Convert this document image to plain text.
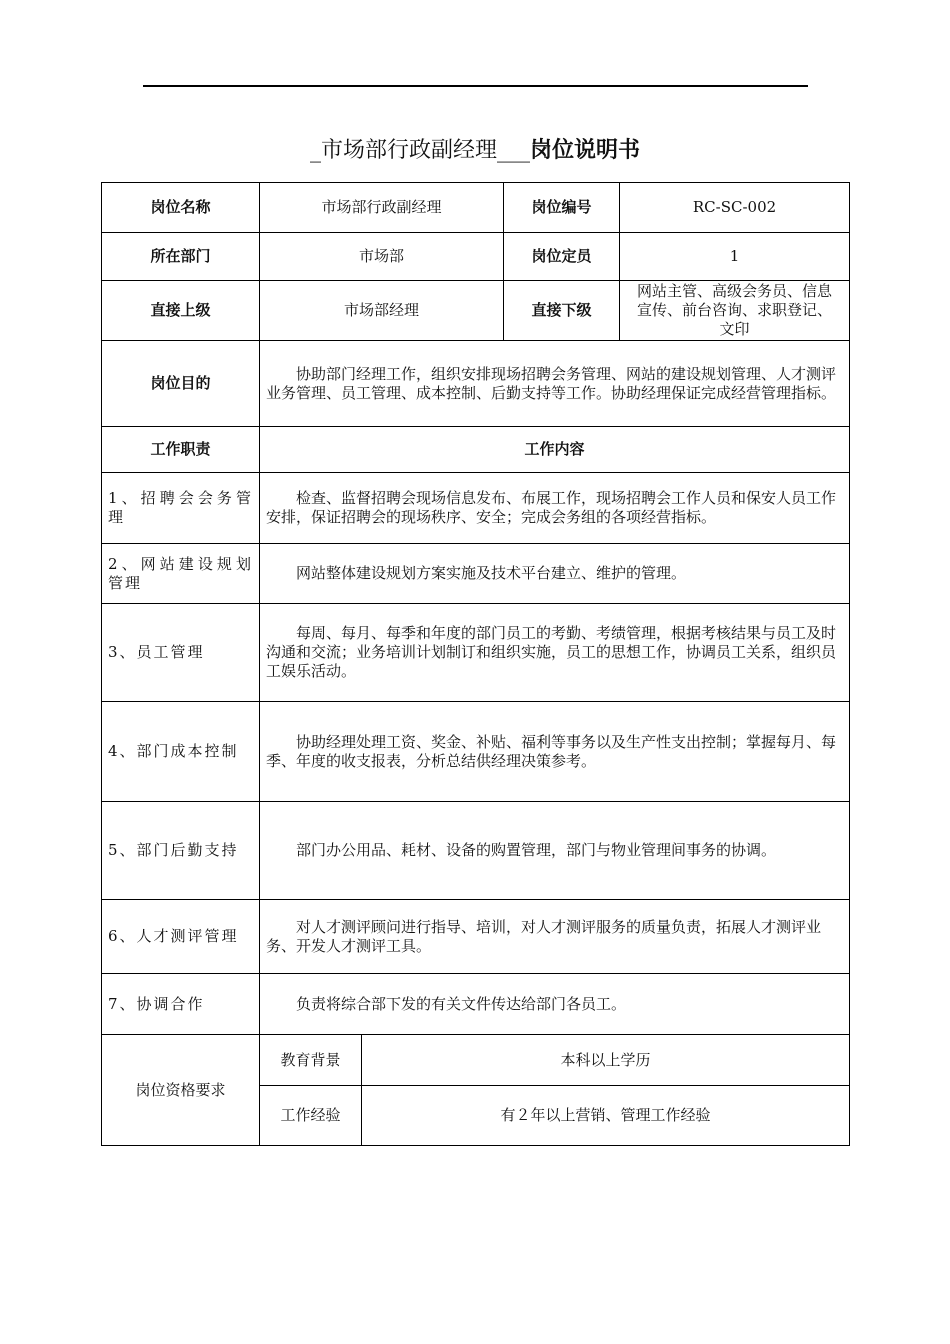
_市场部行政副经理___岗位说明书
岗位名称	市场部行政副经理		岗位编号	RC-SC-002
所在部门	市场部		岗位定员	1
直接上级	市场部经理		直接下级	网站主管、高级会务员、信息宣传、前台咨询、求职登记、文印
岗位目的	协助部门经理工作，组织安排现场招聘会务管理、网站的建设规划管理、人才测评业务管理、员工管理、成本控制、后勤支持等工作。协助经理保证完成经营管理指标。			
工作职责	工作内容			
1、招聘会会务管理	检查、监督招聘会现场信息发布、布展工作，现场招聘会工作人员和保安人员工作安排，保证招聘会的现场秩序、安全；完成会务组的各项经营指标。			
2、网站建设规划管理	网站整体建设规划方案实施及技术平台建立、维护的管理。			
3、员工管理	每周、每月、每季和年度的部门员工的考勤、考绩管理，根据考核结果与员工及时沟通和交流；业务培训计划制订和组织实施，员工的思想工作，协调员工关系，组织员工娱乐活动。			
4、部门成本控制	协助经理处理工资、奖金、补贴、福利等事务以及生产性支出控制；掌握每月、每季、年度的收支报表，分析总结供经理决策参考。			
5、部门后勤支持	部门办公用品、耗材、设备的购置管理，部门与物业管理间事务的协调。			
6、人才测评管理	对人才测评顾问进行指导、培训，对人才测评服务的质量负责，拓展人才测评业务、开发人才测评工具。			
7、协调合作	负责将综合部下发的有关文件传达给部门各员工。			
岗位资格要求	教育背景	本科以上学历		
	工作经验	有２年以上营销、管理工作经验		
